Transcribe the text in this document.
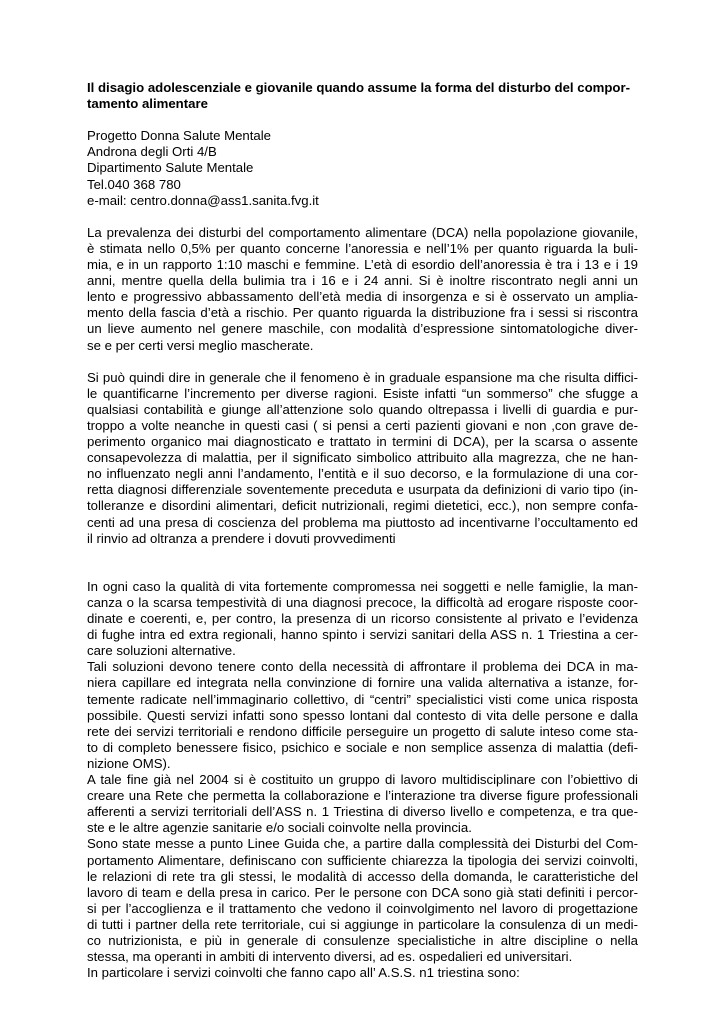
Il disagio adolescenziale e giovanile quando assume la forma del disturbo del compor-
tamento alimentare
Progetto Donna Salute Mentale
Androna degli Orti 4/B
Dipartimento Salute Mentale
Tel.040 368 780
e-mail: centro.donna@ass1.sanita.fvg.it
La prevalenza dei disturbi del comportamento alimentare (DCA) nella popolazione giovanile,
è stimata nello 0,5% per quanto concerne l’anoressia e nell’1% per quanto riguarda la buli-
mia, e in un rapporto 1:10 maschi e femmine. L’età di esordio dell’anoressia è tra i 13 e i 19
anni, mentre quella della bulimia tra i 16 e i 24 anni. Si è inoltre riscontrato negli anni un
lento e progressivo abbassamento dell’età media di insorgenza e si è osservato un amplia-
mento della fascia d’età a rischio. Per quanto riguarda la distribuzione fra i sessi si riscontra
un lieve aumento nel genere maschile, con modalità d’espressione sintomatologiche diver-
se e per certi versi meglio mascherate.
Si può quindi dire in generale che il fenomeno è in graduale espansione ma che risulta diffici-
le quantificarne l’incremento per diverse ragioni. Esiste infatti “un sommerso” che sfugge a
qualsiasi contabilità e giunge all’attenzione solo quando oltrepassa i livelli di guardia e pur-
troppo a volte neanche in questi casi ( si pensi a certi pazienti giovani e non ,con grave de-
perimento organico mai diagnosticato e trattato in termini di DCA), per la scarsa o assente
consapevolezza di malattia, per il significato simbolico attribuito alla magrezza, che ne han-
no influenzato negli anni l’andamento, l’entità e il suo decorso, e la formulazione di una cor-
retta diagnosi differenziale soventemente preceduta e usurpata da definizioni di vario tipo (in-
tolleranze e disordini alimentari, deficit nutrizionali, regimi dietetici, ecc.), non sempre confa-
centi ad una presa di coscienza del problema ma piuttosto ad incentivarne l’occultamento ed
il rinvio ad oltranza a prendere i dovuti provvedimenti
In ogni caso la qualità di vita fortemente compromessa nei soggetti e nelle famiglie, la man-
canza o la scarsa tempestività di una diagnosi precoce, la difficoltà ad erogare risposte coor-
dinate e coerenti, e, per contro, la presenza di un ricorso consistente al privato e l’evidenza
di fughe intra ed extra regionali, hanno spinto i servizi sanitari della ASS n. 1 Triestina a cer-
care soluzioni alternative.
Tali soluzioni devono tenere conto della necessità di affrontare il problema dei DCA in ma-
niera capillare ed integrata nella convinzione di fornire una valida alternativa a istanze, for-
temente radicate nell’immaginario collettivo, di “centri” specialistici visti come unica risposta
possibile. Questi servizi infatti sono spesso lontani dal contesto di vita delle persone e dalla
rete dei servizi territoriali e rendono difficile perseguire un progetto di salute inteso come sta-
to di completo benessere fisico, psichico e sociale e non semplice assenza di malattia (defi-
nizione OMS).
A tale fine già nel 2004 si è costituito un gruppo di lavoro multidisciplinare con l’obiettivo di
creare una Rete che permetta la collaborazione e l’interazione tra diverse figure professionali
afferenti a servizi territoriali dell’ASS n. 1 Triestina di diverso livello e competenza, e tra que-
ste e le altre agenzie sanitarie e/o sociali coinvolte nella provincia.
Sono state messe a punto Linee Guida che, a partire dalla complessità dei Disturbi del Com-
portamento Alimentare, definiscano con sufficiente chiarezza la tipologia dei servizi coinvolti,
le relazioni di rete tra gli stessi, le modalità di accesso della domanda, le caratteristiche del
lavoro di team e della presa in carico. Per le persone con DCA sono già stati definiti i percor-
si per l’accoglienza e il trattamento che vedono il coinvolgimento nel lavoro di progettazione
di tutti i partner della rete territoriale, cui si aggiunge in particolare la consulenza di un medi-
co nutrizionista, e più in generale di consulenze specialistiche in altre discipline o nella
stessa, ma operanti in ambiti di intervento diversi, ad es. ospedalieri ed universitari.
In particolare i servizi coinvolti che fanno capo all’ A.S.S. n1 triestina sono:
